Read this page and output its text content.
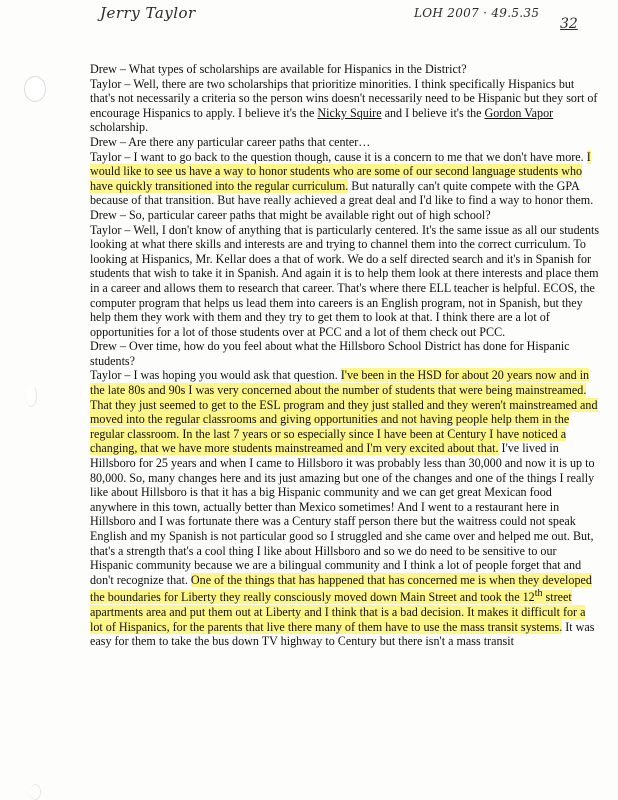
Jerry Taylor	LOH 2007 · 49.5.35
32

Drew – What types of scholarships are available for Hispanics in the District?

Taylor – Well, there are two scholarships that prioritize minorities. I think specifically Hispanics but that's not necessarily a criteria so the person wins doesn't necessarily need to be Hispanic but they sort of encourage Hispanics to apply. I believe it's the Nicky Squire and I believe it's the Gordon Vapor scholarship.

Drew – Are there any particular career paths that center…

Taylor – I want to go back to the question though, cause it is a concern to me that we don't have more. I would like to see us have a way to honor students who are some of our second language students who have quickly transitioned into the regular curriculum. But naturally can't quite compete with the GPA because of that transition. But have really achieved a great deal and I'd like to find a way to honor them.

Drew – So, particular career paths that might be available right out of high school?

Taylor – Well, I don't know of anything that is particularly centered. It's the same issue as all our students looking at what there skills and interests are and trying to channel them into the correct curriculum. To looking at Hispanics, Mr. Kellar does a that of work. We do a self directed search and it's in Spanish for students that wish to take it in Spanish. And again it is to help them look at there interests and place them in a career and allows them to research that career. That's where there ELL teacher is helpful. ECOS, the computer program that helps us lead them into careers is an English program, not in Spanish, but they help them they work with them and they try to get them to look at that. I think there are a lot of opportunities for a lot of those students over at PCC and a lot of them check out PCC.

Drew – Over time, how do you feel about what the Hillsboro School District has done for Hispanic students?

Taylor – I was hoping you would ask that question. I've been in the HSD for about 20 years now and in the late 80s and 90s I was very concerned about the number of students that were being mainstreamed. That they just seemed to get to the ESL program and they just stalled and they weren't mainstreamed and moved into the regular classrooms and giving opportunities and not having people help them in the regular classroom. In the last 7 years or so especially since I have been at Century I have noticed a changing, that we have more students mainstreamed and I'm very excited about that. I've lived in Hillsboro for 25 years and when I came to Hillsboro it was probably less than 30,000 and now it is up to 80,000. So, many changes here and its just amazing but one of the changes and one of the things I really like about Hillsboro is that it has a big Hispanic community and we can get great Mexican food anywhere in this town, actually better than Mexico sometimes! And I went to a restaurant here in Hillsboro and I was fortunate there was a Century staff person there but the waitress could not speak English and my Spanish is not particular good so I struggled and she came over and helped me out. But, that's a strength that's a cool thing I like about Hillsboro and so we do need to be sensitive to our Hispanic community because we are a bilingual community and I think a lot of people forget that and don't recognize that. One of the things that has happened that has concerned me is when they developed the boundaries for Liberty they really consciously moved down Main Street and took the 12th street apartments area and put them out at Liberty and I think that is a bad decision. It makes it difficult for a lot of Hispanics, for the parents that live there many of them have to use the mass transit systems. It was easy for them to take the bus down TV highway to Century but there isn't a mass transit
